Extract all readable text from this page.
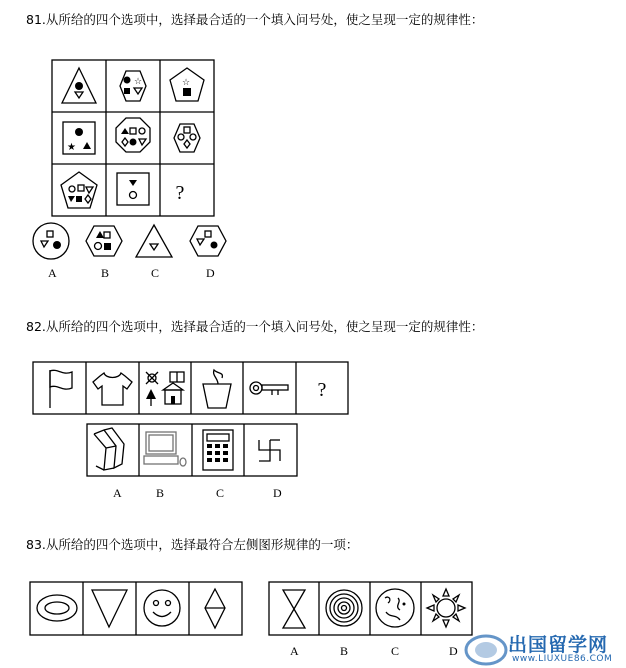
81.从所给的四个选项中，选择最合适的一个填入问号处，使之呈现一定的规律性：
82.从所给的四个选项中，选择最合适的一个填入问号处，使之呈现一定的规律性：
83.从所给的四个选项中，选择最符合左侧图形规律的一项：
☆	☆
★
?
?
A	B	C	D
A	B	C	D
A	B	C	D	出国留学网
www.LIUXUE86.COM
